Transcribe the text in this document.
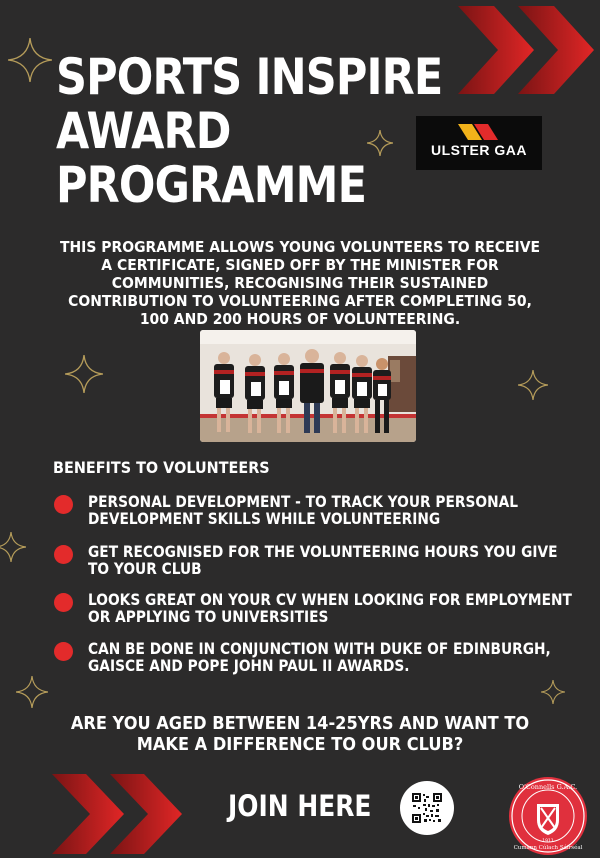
SPORTS INSPIRE
AWARD
PROGRAMME
ULSTER GAA

THIS PROGRAMME ALLOWS YOUNG VOLUNTEERS TO RECEIVE A CERTIFICATE, SIGNED OFF BY THE MINISTER FOR COMMUNITIES, RECOGNISING THEIR SUSTAINED CONTRIBUTION TO VOLUNTEERING AFTER COMPLETING 50, 100 AND 200 HOURS OF VOLUNTEERING.

BENEFITS TO VOLUNTEERS
PERSONAL DEVELOPMENT - TO TRACK YOUR PERSONAL DEVELOPMENT SKILLS WHILE VOLUNTEERING
GET RECOGNISED FOR THE VOLUNTEERING HOURS YOU GIVE TO YOUR CLUB
LOOKS GREAT ON YOUR CV WHEN LOOKING FOR EMPLOYMENT OR APPLYING TO UNIVERSITIES
CAN BE DONE IN CONJUNCTION WITH DUKE OF EDINBURGH, GAISCE AND POPE JOHN PAUL II AWARDS.

ARE YOU AGED BETWEEN 14-25YRS AND WANT TO MAKE A DIFFERENCE TO OUR CLUB?

JOIN HERE
O'Connells G.A.C.
Cumann Cúlach Sáirséal
1911
